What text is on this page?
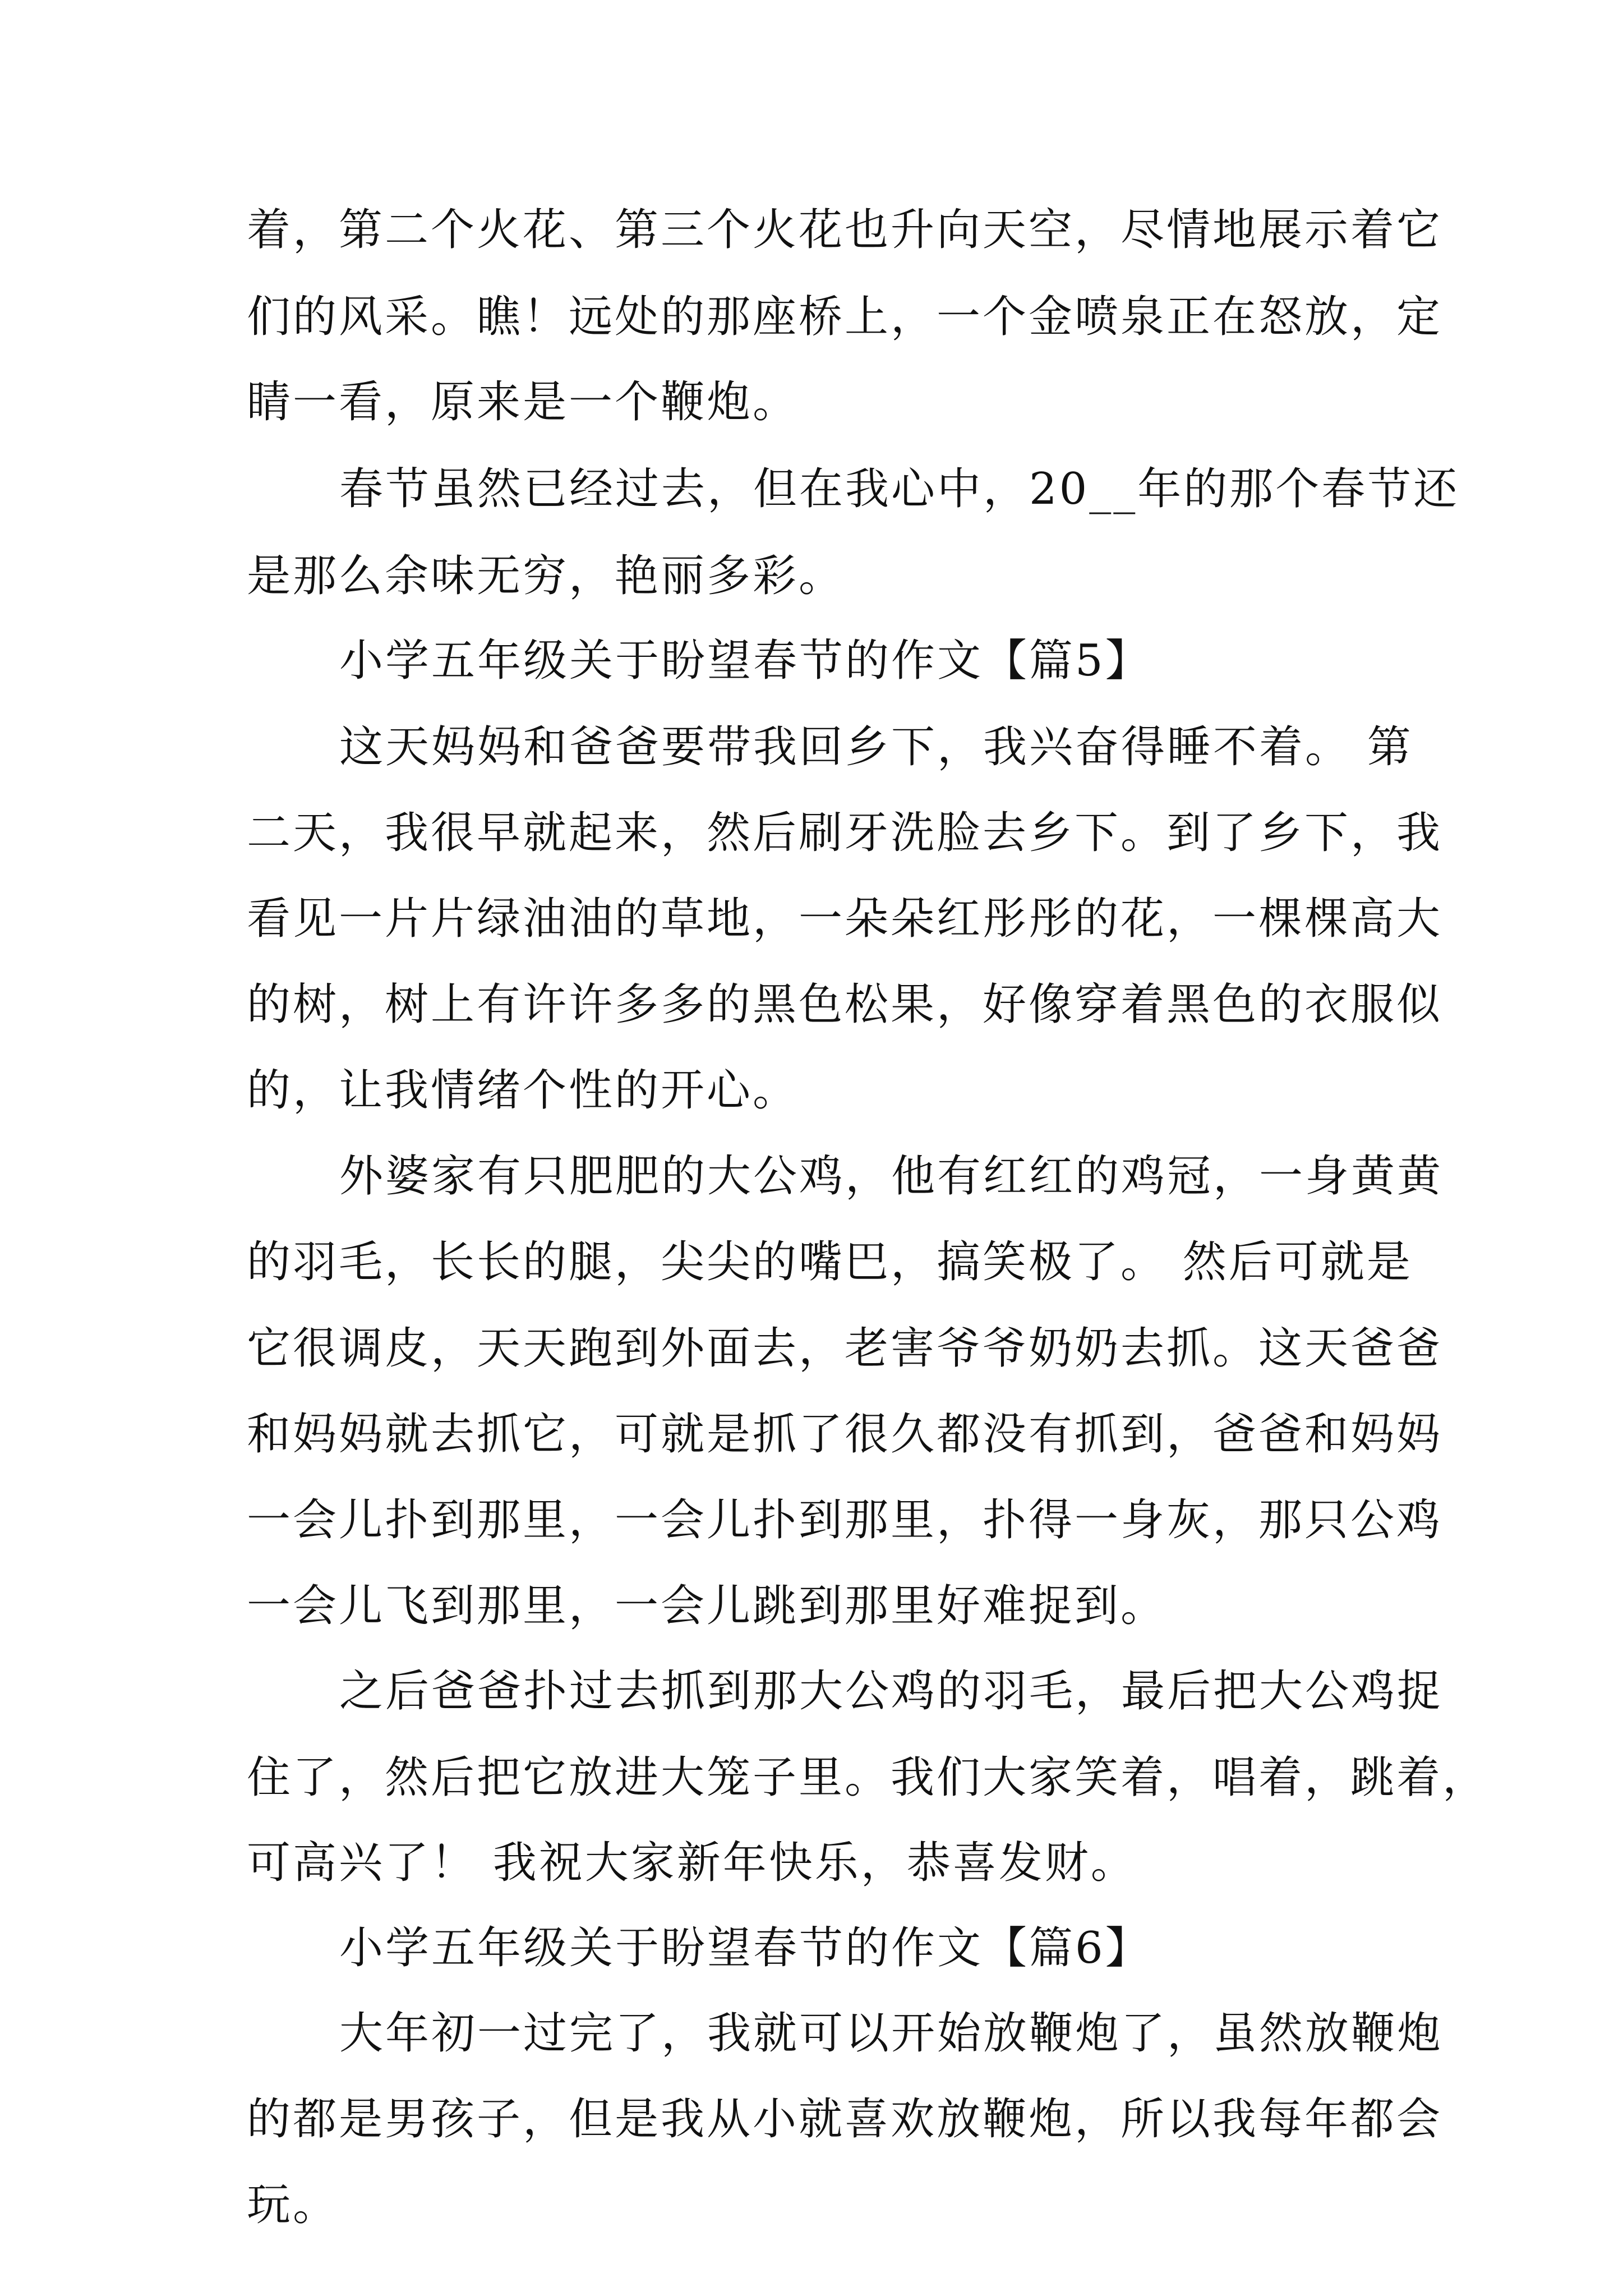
着，第二个火花、第三个火花也升向天空，尽情地展示着它
们的风采。瞧！远处的那座桥上，一个金喷泉正在怒放，定
睛一看，原来是一个鞭炮。
春节虽然已经过去，但在我心中，20__年的那个春节还
是那么余味无穷，艳丽多彩。
小学五年级关于盼望春节的作文【篇5】
这天妈妈和爸爸要带我回乡下，我兴奋得睡不着。 第
二天，我很早就起来，然后刷牙洗脸去乡下。到了乡下，我
看见一片片绿油油的草地，一朵朵红彤彤的花，一棵棵高大
的树，树上有许许多多的黑色松果，好像穿着黑色的衣服似
的，让我情绪个性的开心。
外婆家有只肥肥的大公鸡，他有红红的鸡冠，一身黄黄
的羽毛，长长的腿，尖尖的嘴巴，搞笑极了。 然后可就是
它很调皮，天天跑到外面去，老害爷爷奶奶去抓。这天爸爸
和妈妈就去抓它，可就是抓了很久都没有抓到，爸爸和妈妈
一会儿扑到那里，一会儿扑到那里，扑得一身灰，那只公鸡
一会儿飞到那里，一会儿跳到那里好难捉到。
之后爸爸扑过去抓到那大公鸡的羽毛，最后把大公鸡捉
住了，然后把它放进大笼子里。我们大家笑着，唱着，跳着，
可高兴了！ 我祝大家新年快乐，恭喜发财。
小学五年级关于盼望春节的作文【篇6】
大年初一过完了，我就可以开始放鞭炮了，虽然放鞭炮
的都是男孩子，但是我从小就喜欢放鞭炮，所以我每年都会
玩。
